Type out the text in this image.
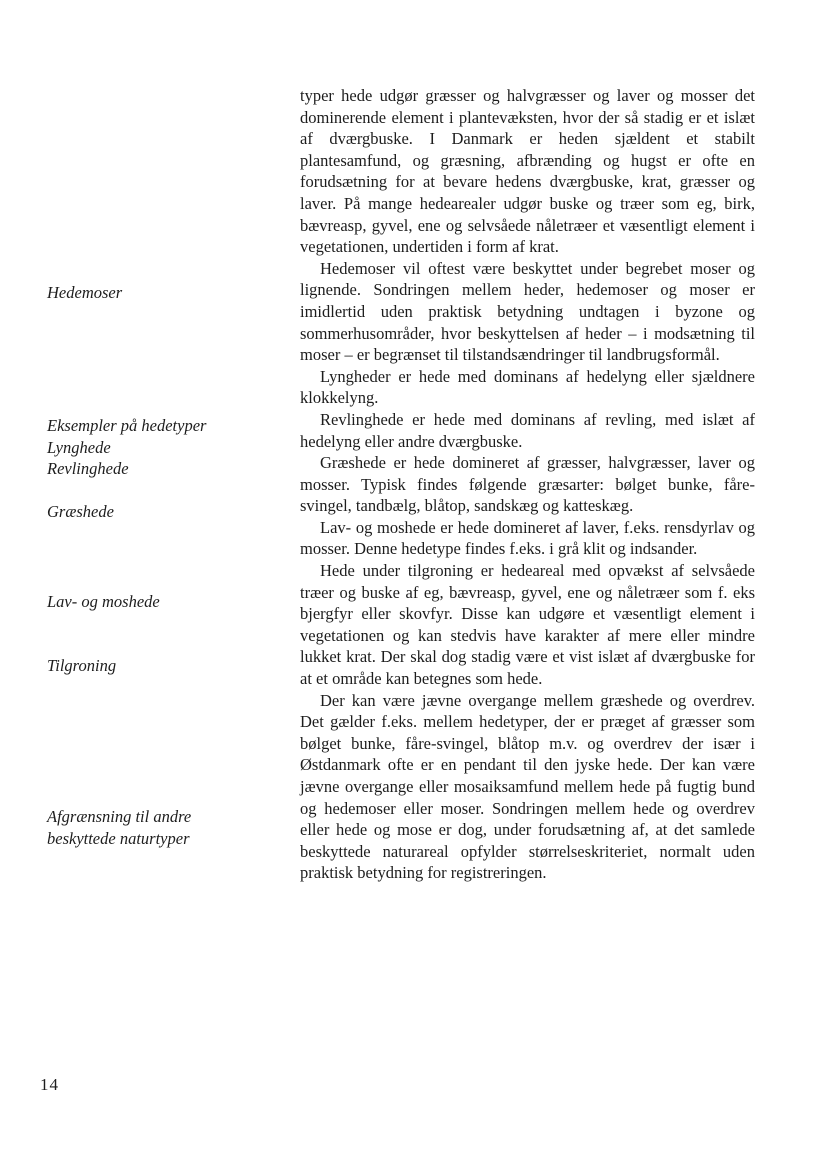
Hedemoser

Eksempler på hedetyper
Lynghede
Revlinghede

Græshede

Lav- og moshede

Tilgroning

Afgrænsning til andre
beskyttede naturtyper

typer hede udgør græsser og halvgræsser og laver og mosser det dominerende element i plantevæksten, hvor der så stadig er et islæt af dværgbuske. I Danmark er heden sjældent et stabilt plantesamfund, og græsning, afbrænding og hugst er ofte en forudsætning for at bevare hedens dværgbuske, krat, græsser og laver. På mange hedearealer udgør buske og træer som eg, birk, bævreasp, gyvel, ene og selvsåede nåletræer et væsentligt element i vegetationen, undertiden i form af krat.

Hedemoser vil oftest være beskyttet under begrebet moser og lignende. Sondringen mellem heder, hedemoser og moser er imidlertid uden praktisk betydning undtagen i byzone og sommerhusområder, hvor beskyttelsen af heder – i modsætning til moser – er begrænset til tilstandsændringer til landbrugsformål.

Lyngheder er hede med dominans af hedelyng eller sjældnere klokkelyng.

Revlinghede er hede med dominans af revling, med islæt af hedelyng eller andre dværgbuske.

Græshede er hede domineret af græsser, halvgræsser, laver og mosser. Typisk findes følgende græsarter: bølget bunke, fåre-svingel, tandbælg, blåtop, sandskæg og katteskæg.

Lav- og moshede er hede domineret af laver, f.eks. rensdyrlav og mosser. Denne hedetype findes f.eks. i grå klit og indsander.

Hede under tilgroning er hedeareal med opvækst af selvsåede træer og buske af eg, bævreasp, gyvel, ene og nåletræer som f. eks bjergfyr eller skovfyr. Disse kan udgøre et væsentligt element i vegetationen og kan stedvis have karakter af mere eller mindre lukket krat. Der skal dog stadig være et vist islæt af dværgbuske for at et område kan betegnes som hede.

Der kan være jævne overgange mellem græshede og overdrev. Det gælder f.eks. mellem hedetyper, der er præget af græsser som bølget bunke, fåre-svingel, blåtop m.v. og overdrev der især i Østdanmark ofte er en pendant til den jyske hede. Der kan være jævne overgange eller mosaiksamfund mellem hede på fugtig bund og hedemoser eller moser. Sondringen mellem hede og overdrev eller hede og mose er dog, under forudsætning af, at det samlede beskyttede naturareal opfylder størrelseskriteriet, normalt uden praktisk betydning for registreringen.

14
